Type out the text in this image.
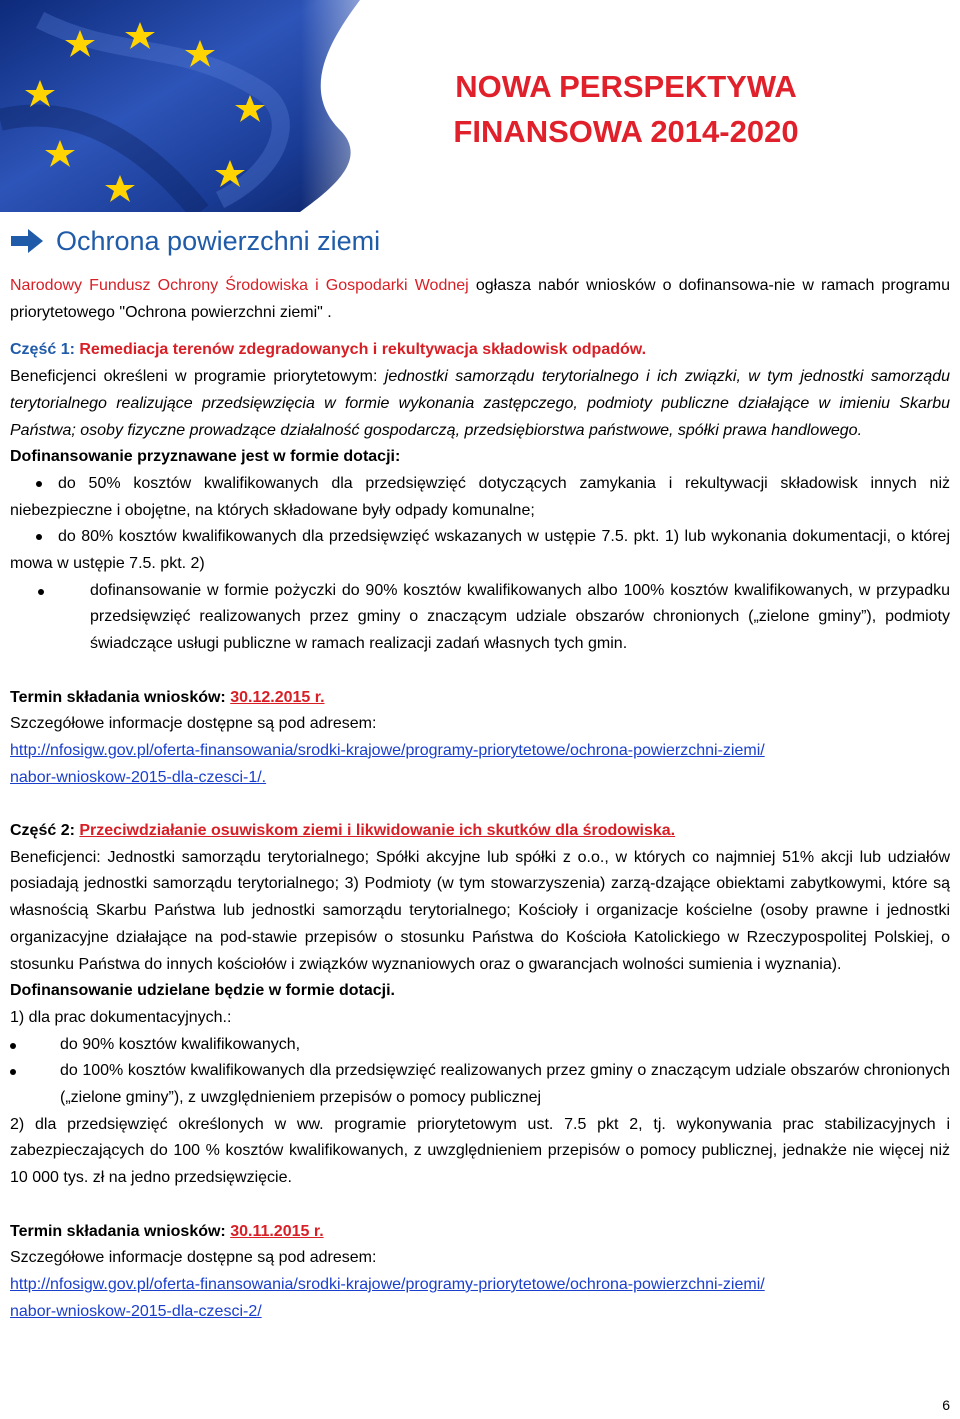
NOWA PERSPEKTYWA
FINANSOWA 2014-2020
Ochrona powierzchni ziemi

Narodowy Fundusz Ochrony Środowiska i Gospodarki Wodnej ogłasza nabór wniosków o dofinansowa-nie w ramach programu priorytetowego "Ochrona powierzchni ziemi" .

Część 1: Remediacja terenów zdegradowanych i rekultywacja składowisk odpadów.

Beneficjenci określeni w programie priorytetowym: jednostki samorządu terytorialnego i ich związki, w tym jednostki samorządu terytorialnego realizujące przedsięwzięcia w formie wykonania zastępczego, podmioty publiczne działające w imieniu Skarbu Państwa; osoby fizyczne prowadzące działalność gospodarczą, przedsiębiorstwa państwowe, spółki prawa handlowego.

Dofinansowanie przyznawane jest w formie dotacji:

do 50% kosztów kwalifikowanych dla przedsięwzięć dotyczących zamykania i rekultywacji składowisk innych niż niebezpieczne i obojętne, na których składowane były odpady komunalne;
do 80% kosztów kwalifikowanych dla przedsięwzięć wskazanych w ustępie 7.5. pkt. 1) lub wykonania dokumentacji, o której mowa w ustępie 7.5. pkt. 2)
dofinansowanie w formie pożyczki do 90% kosztów kwalifikowanych albo 100% kosztów kwalifikowanych, w przypadku przedsięwzięć realizowanych przez gminy o znaczącym udziale obszarów chronionych („zielone gminy”), podmioty świadczące usługi publiczne w ramach realizacji zadań własnych tych gmin.

Termin składania wniosków: 30.12.2015 r.

Szczegółowe informacje dostępne są pod adresem:

http://nfosigw.gov.pl/oferta-finansowania/srodki-krajowe/programy-priorytetowe/ochrona-powierzchni-ziemi/
nabor-wnioskow-2015-dla-czesci-1/.

Część 2: Przeciwdziałanie osuwiskom ziemi i likwidowanie ich skutków dla środowiska.

Beneficjenci: Jednostki samorządu terytorialnego; Spółki akcyjne lub spółki z o.o., w których co najmniej 51% akcji lub udziałów posiadają jednostki samorządu terytorialnego; 3) Podmioty (w tym stowarzyszenia) zarzą-dzające obiektami zabytkowymi, które są własnością Skarbu Państwa lub jednostki samorządu terytorialnego; Kościoły i organizacje kościelne (osoby prawne i jednostki organizacyjne działające na pod-stawie przepisów o stosunku Państwa do Kościoła Katolickiego w Rzeczypospolitej Polskiej, o stosunku Państwa do innych kościołów i związków wyznaniowych oraz o gwarancjach wolności sumienia i wyznania).

Dofinansowanie udzielane będzie w formie dotacji.

1) dla prac dokumentacyjnych.:

do 90% kosztów kwalifikowanych,
do 100% kosztów kwalifikowanych dla przedsięwzięć realizowanych przez gminy o znaczącym udziale obszarów chronionych („zielone gminy”), z uwzględnieniem przepisów o pomocy publicznej

2) dla przedsięwzięć określonych w ww. programie priorytetowym ust. 7.5 pkt 2, tj. wykonywania prac stabilizacyjnych i zabezpieczających do 100 % kosztów kwalifikowanych, z uwzględnieniem przepisów o pomocy publicznej, jednakże nie więcej niż 10 000 tys. zł na jedno przedsięwzięcie.

Termin składania wniosków: 30.11.2015 r.

Szczegółowe informacje dostępne są pod adresem:

http://nfosigw.gov.pl/oferta-finansowania/srodki-krajowe/programy-priorytetowe/ochrona-powierzchni-ziemi/
nabor-wnioskow-2015-dla-czesci-2/

6
